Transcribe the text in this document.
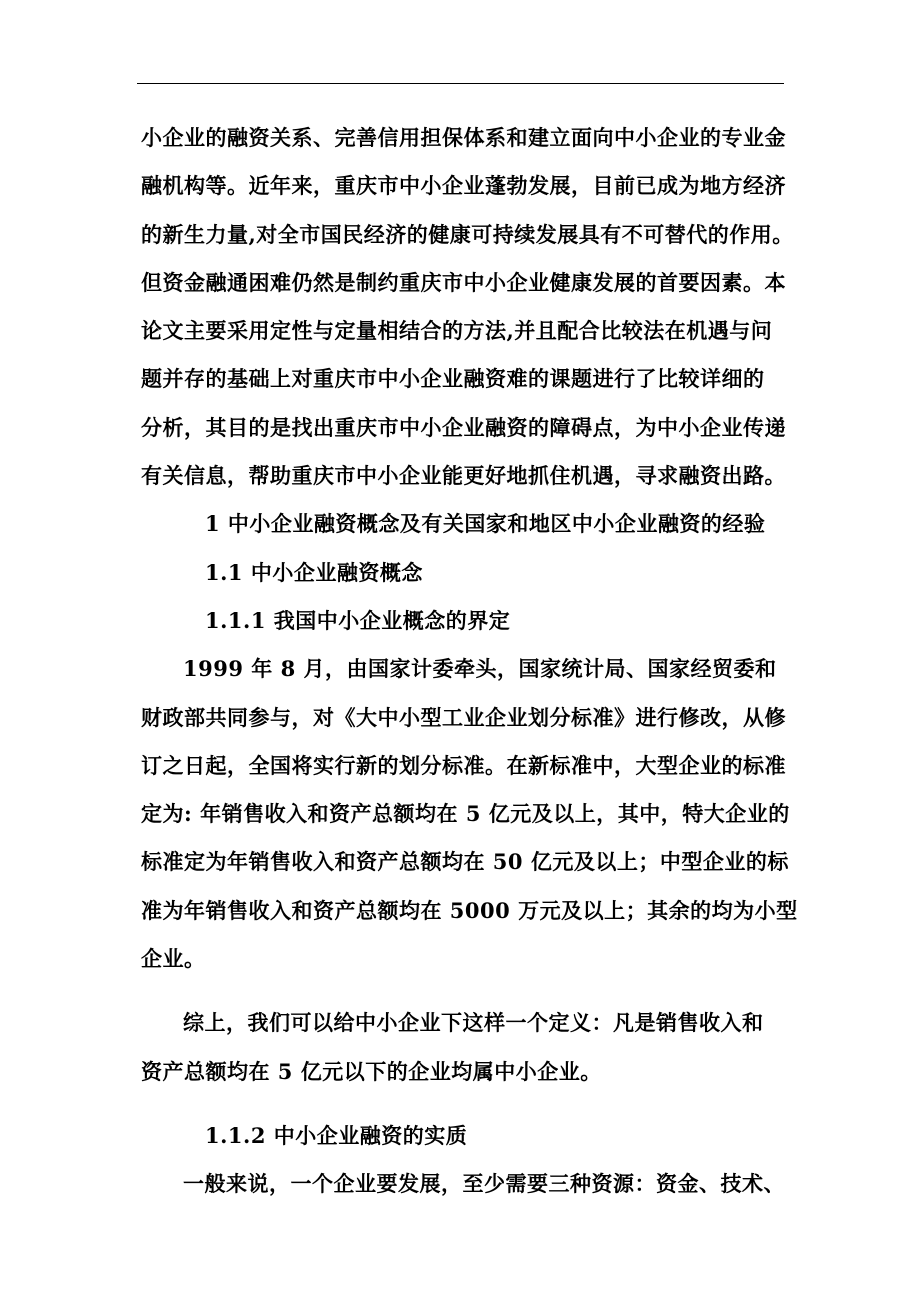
小企业的融资关系、完善信用担保体系和建立面向中小企业的专业金
融机构等。近年来，重庆市中小企业蓬勃发展，目前已成为地方经济
的新生力量,对全市国民经济的健康可持续发展具有不可替代的作用。
但资金融通困难仍然是制约重庆市中小企业健康发展的首要因素。本
论文主要采用定性与定量相结合的方法,并且配合比较法在机遇与问
题并存的基础上对重庆市中小企业融资难的课题进行了比较详细的
分析，其目的是找出重庆市中小企业融资的障碍点，为中小企业传递
有关信息，帮助重庆市中小企业能更好地抓住机遇，寻求融资出路。
1 中小企业融资概念及有关国家和地区中小企业融资的经验
1.1 中小企业融资概念
1.1.1 我国中小企业概念的界定
1999 年 8 月，由国家计委牵头，国家统计局、国家经贸委和
财政部共同参与，对《大中小型工业企业划分标准》进行修改，从修
订之日起，全国将实行新的划分标准。在新标准中，大型企业的标准
定为: 年销售收入和资产总额均在 5 亿元及以上，其中，特大企业的
标准定为年销售收入和资产总额均在 50 亿元及以上；中型企业的标
准为年销售收入和资产总额均在 5000 万元及以上；其余的均为小型
企业。
综上，我们可以给中小企业下这样一个定义：凡是销售收入和
资产总额均在 5 亿元以下的企业均属中小企业。
1.1.2 中小企业融资的实质
一般来说，一个企业要发展，至少需要三种资源：资金、技术、
